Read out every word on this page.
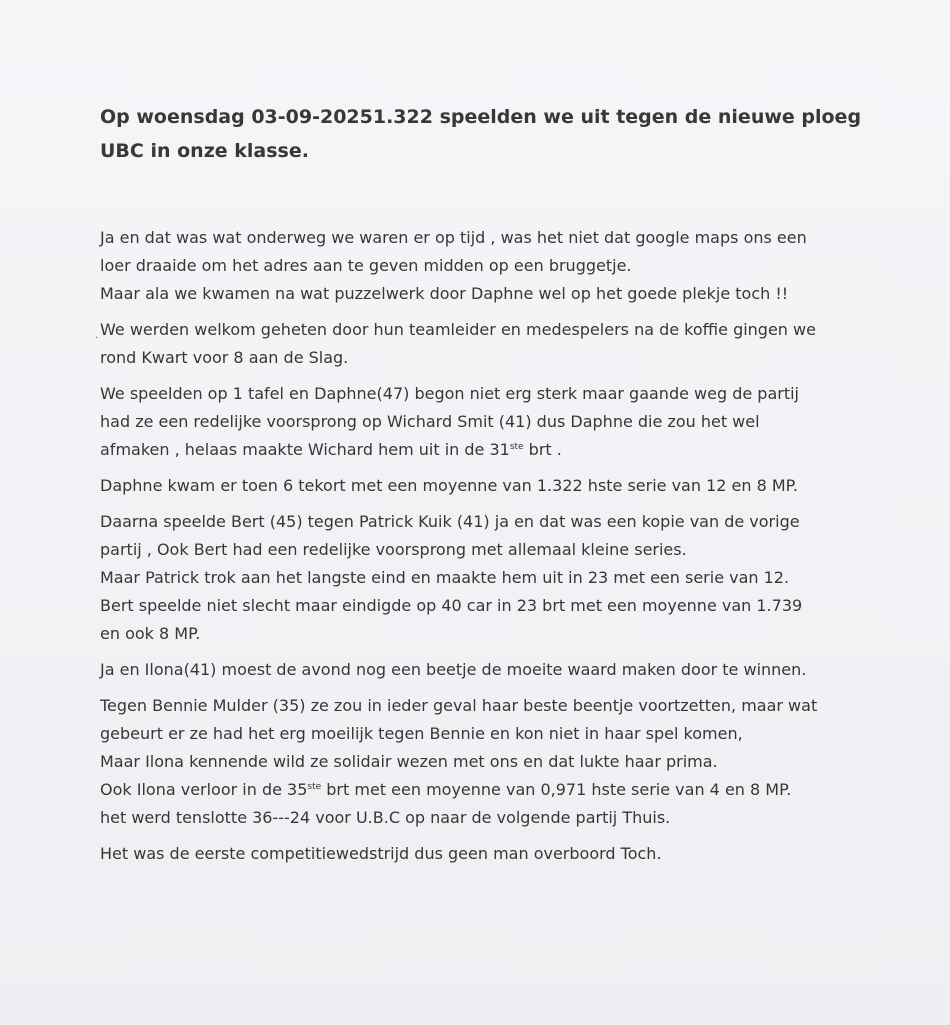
·
Op woensdag 03-09-20251.322 speelden we uit tegen de nieuwe ploeg
UBC in onze klasse.

Ja en dat was wat onderweg we waren er op tijd , was het niet dat google maps ons een
loer draaide om het adres aan te geven midden op een bruggetje.
Maar ala we kwamen na wat puzzelwerk door Daphne wel op het goede plekje toch !!

We werden welkom geheten door hun teamleider en medespelers na de koffie gingen we
rond Kwart voor 8 aan de Slag.

We speelden op 1 tafel en Daphne(47) begon niet erg sterk maar gaande weg de partij
had ze een redelijke voorsprong op Wichard Smit (41) dus Daphne die zou het wel
afmaken , helaas maakte Wichard hem uit in de 31ste brt .

Daphne kwam er toen 6 tekort met een moyenne van 1.322 hste serie van 12 en 8 MP.

Daarna speelde Bert (45) tegen Patrick Kuik (41) ja en dat was een kopie van de vorige
partij , Ook Bert had een redelijke voorsprong met allemaal kleine series.
Maar Patrick trok aan het langste eind en maakte hem uit in 23 met een serie van 12.
Bert speelde niet slecht maar eindigde op 40 car in 23 brt met een moyenne van 1.739
en ook 8 MP.

Ja en Ilona(41) moest de avond nog een beetje de moeite waard maken door te winnen.

Tegen Bennie Mulder (35) ze zou in ieder geval haar beste beentje voortzetten, maar wat
gebeurt er ze had het erg moeilijk tegen Bennie en kon niet in haar spel komen,
Maar Ilona kennende wild ze solidair wezen met ons en dat lukte haar prima.
Ook Ilona verloor in de 35ste brt met een moyenne van 0,971 hste serie van 4 en 8 MP.
het werd tenslotte 36---24 voor U.B.C op naar de volgende partij Thuis.

Het was de eerste competitiewedstrijd dus geen man overboord Toch.
